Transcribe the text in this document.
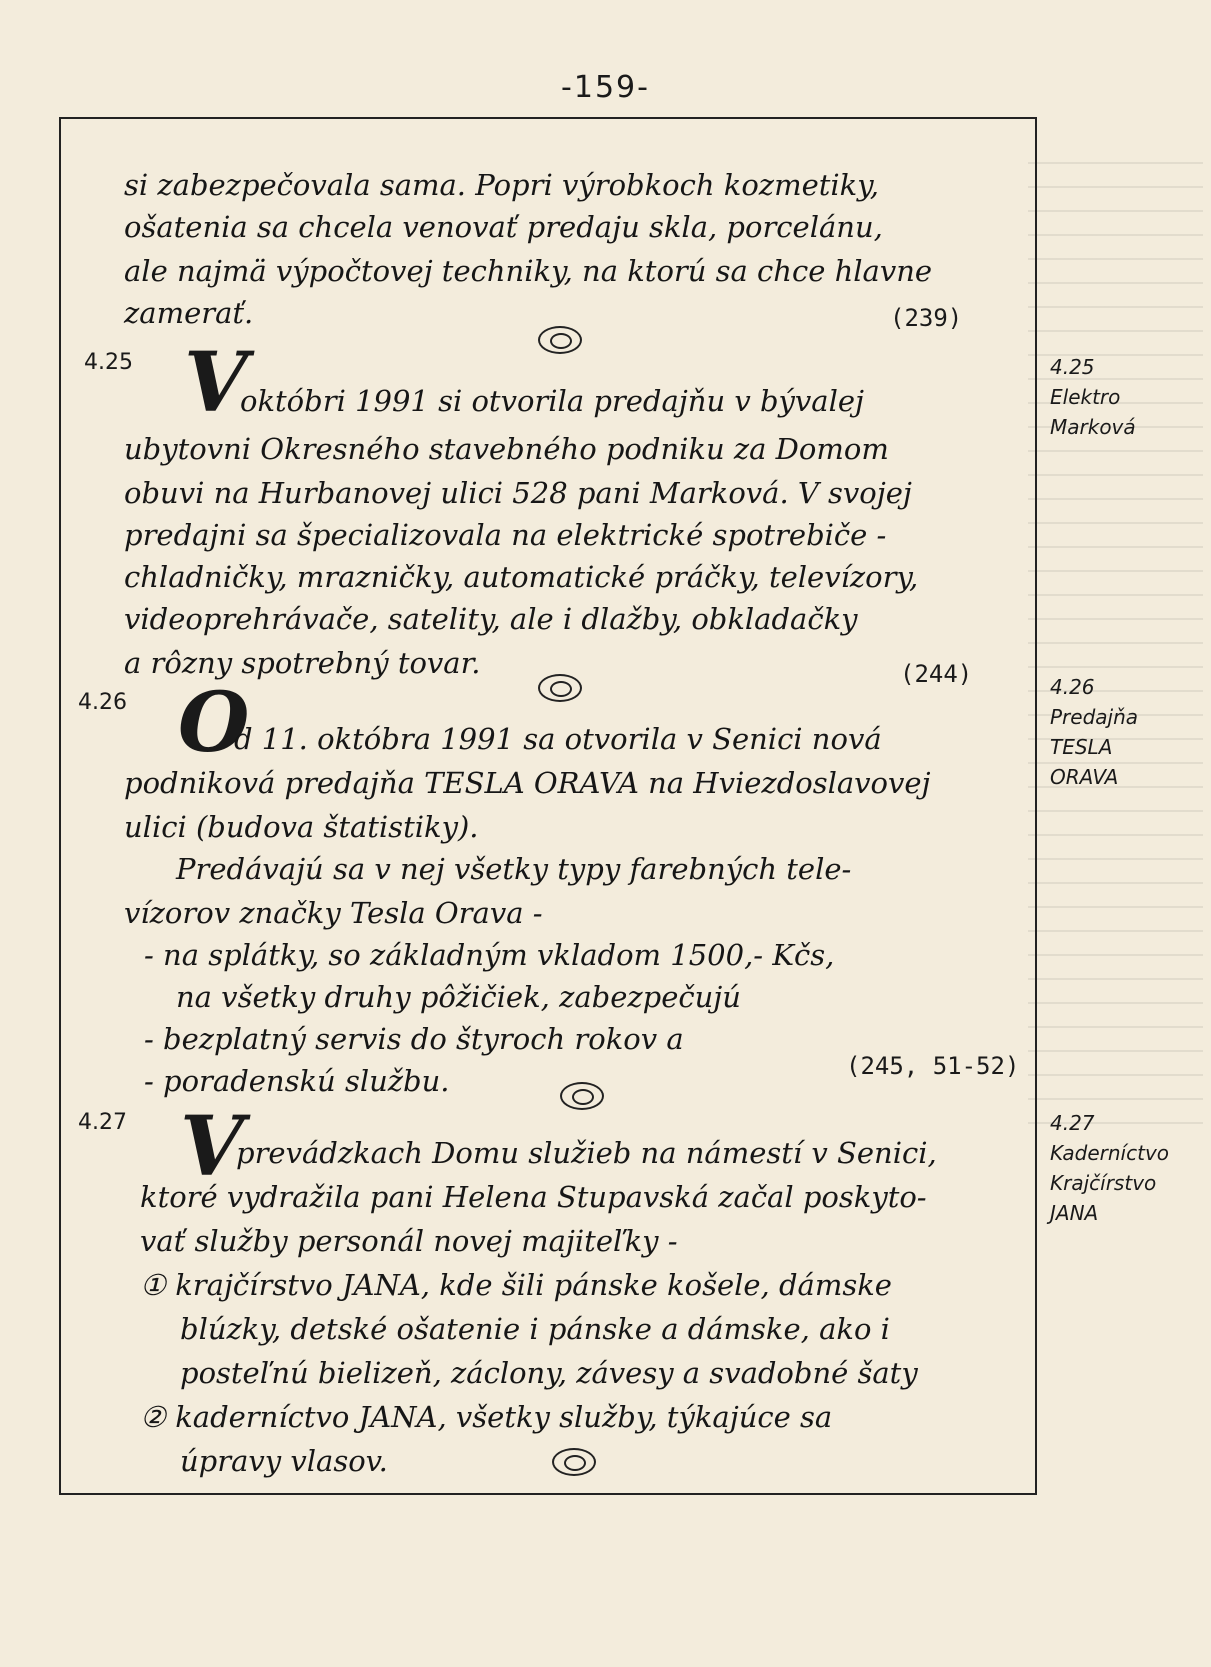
-159-
si zabezpečovala sama. Popri výrobkoch kozmetiky,
ošatenia sa chcela venovať predaju skla, porcelánu,
ale najmä výpočtovej techniky, na ktorú sa chce hlavne
zamerať.	(239)
4.25 V
októbri 1991 si otvorila predajňu v bývalej
ubytovni Okresného stavebného podniku za Domom
obuvi na Hurbanovej ulici 528 pani Marková. V svojej
predajni sa špecializovala na elektrické spotrebiče -
chladničky, mrazničky, automatické práčky, televízory,
videoprehrávače, satelity, ale i dlažby, obkladačky
a rôzny spotrebný tovar.	(244)
4.25
Elektro
Marková
4.26 O
d 11. októbra 1991 sa otvorila v Senici nová
podniková predajňa TESLA ORAVA na Hviezdoslavovej
ulici (budova štatistiky).
Predávajú sa v nej všetky typy farebných tele-
vízorov značky Tesla Orava -
- na splátky, so základným vkladom 1500,- Kčs,
na všetky druhy pôžičiek, zabezpečujú
- bezplatný servis do štyroch rokov a
- poradenskú službu.	(245, 51-52)
4.26
Predajňa
TESLA
ORAVA
4.27 V
prevádzkach Domu služieb na námestí v Senici,
ktoré vydražila pani Helena Stupavská začal poskyto-
vať služby personál novej majiteľky -
① krajčírstvo JANA, kde šili pánske košele, dámske
blúzky, detské ošatenie i pánske a dámske, ako i
posteľnú bielizeň, záclony, závesy a svadobné šaty
② kaderníctvo JANA, všetky služby, týkajúce sa
úpravy vlasov.
4.27
Kaderníctvo
Krajčírstvo
JANA
